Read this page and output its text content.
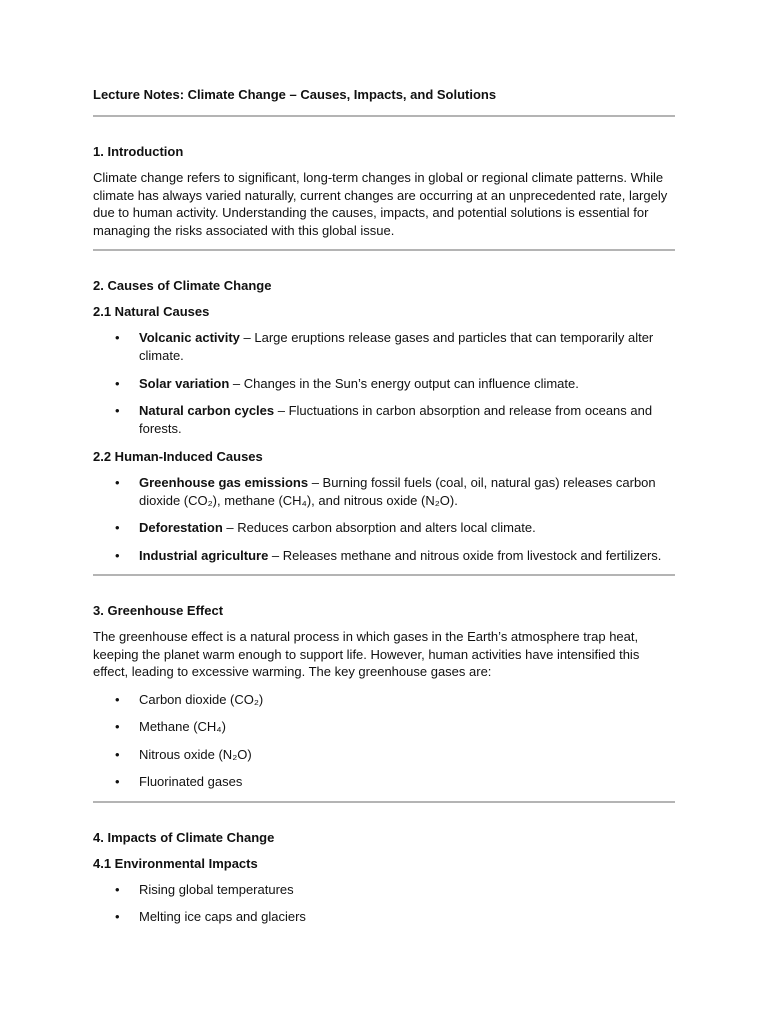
Lecture Notes: Climate Change – Causes, Impacts, and Solutions
1. Introduction

Climate change refers to significant, long-term changes in global or regional climate patterns. While climate has always varied naturally, current changes are occurring at an unprecedented rate, largely due to human activity. Understanding the causes, impacts, and potential solutions is essential for managing the risks associated with this global issue.

2. Causes of Climate Change
2.1 Natural Causes
• Volcanic activity – Large eruptions release gases and particles that can temporarily alter climate.
• Solar variation – Changes in the Sun’s energy output can influence climate.
• Natural carbon cycles – Fluctuations in carbon absorption and release from oceans and forests.
2.2 Human-Induced Causes
• Greenhouse gas emissions – Burning fossil fuels (coal, oil, natural gas) releases carbon dioxide (CO₂), methane (CH₄), and nitrous oxide (N₂O).
• Deforestation – Reduces carbon absorption and alters local climate.
• Industrial agriculture – Releases methane and nitrous oxide from livestock and fertilizers.
3. Greenhouse Effect

The greenhouse effect is a natural process in which gases in the Earth’s atmosphere trap heat, keeping the planet warm enough to support life. However, human activities have intensified this effect, leading to excessive warming. The key greenhouse gases are:

• Carbon dioxide (CO₂)
• Methane (CH₄)
• Nitrous oxide (N₂O)
• Fluorinated gases
4. Impacts of Climate Change
4.1 Environmental Impacts
• Rising global temperatures
• Melting ice caps and glaciers
